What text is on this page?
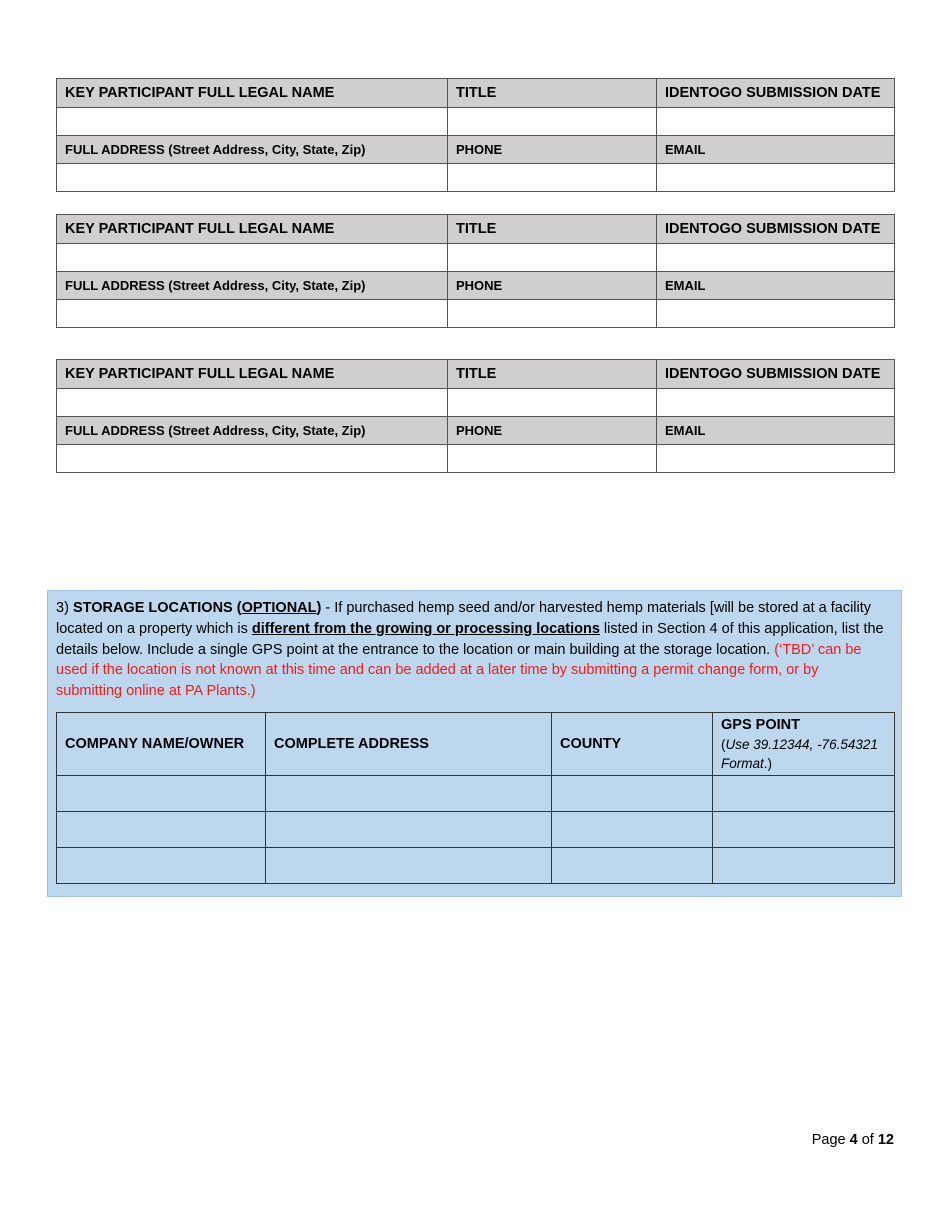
KEY PARTICIPANT FULL LEGAL NAME	TITLE	IDENTOGO SUBMISSION DATE

FULL ADDRESS (Street Address, City, State, Zip)	PHONE	EMAIL

KEY PARTICIPANT FULL LEGAL NAME	TITLE	IDENTOGO SUBMISSION DATE

FULL ADDRESS (Street Address, City, State, Zip)	PHONE	EMAIL

KEY PARTICIPANT FULL LEGAL NAME	TITLE	IDENTOGO SUBMISSION DATE

FULL ADDRESS (Street Address, City, State, Zip)	PHONE	EMAIL

3) STORAGE LOCATIONS (OPTIONAL) - If purchased hemp seed and/or harvested hemp materials [will be stored at a facility located on a property which is different from the growing or processing locations listed in Section 4 of this application, list the details below. Include a single GPS point at the entrance to the location or main building at the storage location. (‘TBD’ can be used if the location is not known at this time and can be added at a later time by submitting a permit change form, or by submitting online at PA Plants.)
COMPANY NAME/OWNER	COMPLETE ADDRESS	COUNTY	GPS POINT
(Use 39.12344, -76.54321 Format.)

Page 4 of 12
